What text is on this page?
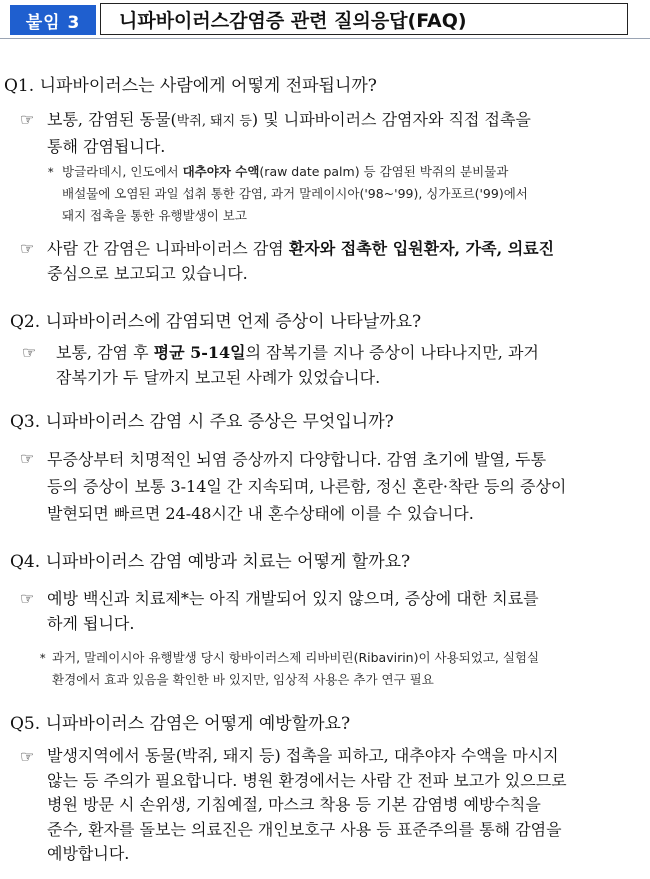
붙임 3	니파바이러스감염증 관련 질의응답(FAQ)
Q1. 니파바이러스는 사람에게 어떻게 전파됩니까?
☞ 보통, 감염된 동물(박쥐, 돼지 등) 및 니파바이러스 감염자와 직접 접촉을
통해 감염됩니다.
* 방글라데시, 인도에서 대추야자 수액(raw date palm) 등 감염된 박쥐의 분비물과
배설물에 오염된 과일 섭취 통한 감염, 과거 말레이시아('98~'99), 싱가포르('99)에서
돼지 접촉을 통한 유행발생이 보고
☞ 사람 간 감염은 니파바이러스 감염 환자와 접촉한 입원환자, 가족, 의료진
중심으로 보고되고 있습니다.
Q2. 니파바이러스에 감염되면 언제 증상이 나타날까요?
☞ 보통, 감염 후 평균 5-14일의 잠복기를 지나 증상이 나타나지만, 과거
잠복기가 두 달까지 보고된 사례가 있었습니다.
Q3. 니파바이러스 감염 시 주요 증상은 무엇입니까?
☞ 무증상부터 치명적인 뇌염 증상까지 다양합니다. 감염 초기에 발열, 두통
등의 증상이 보통 3-14일 간 지속되며, 나른함, 정신 혼란·착란 등의 증상이
발현되면 빠르면 24-48시간 내 혼수상태에 이를 수 있습니다.
Q4. 니파바이러스 감염 예방과 치료는 어떻게 할까요?
☞ 예방 백신과 치료제*는 아직 개발되어 있지 않으며, 증상에 대한 치료를
하게 됩니다.
* 과거, 말레이시아 유행발생 당시 항바이러스제 리바비린(Ribavirin)이 사용되었고, 실험실
환경에서 효과 있음을 확인한 바 있지만, 임상적 사용은 추가 연구 필요
Q5. 니파바이러스 감염은 어떻게 예방할까요?
☞ 발생지역에서 동물(박쥐, 돼지 등) 접촉을 피하고, 대추야자 수액을 마시지
않는 등 주의가 필요합니다. 병원 환경에서는 사람 간 전파 보고가 있으므로
병원 방문 시 손위생, 기침예절, 마스크 착용 등 기본 감염병 예방수칙을
준수, 환자를 돌보는 의료진은 개인보호구 사용 등 표준주의를 통해 감염을
예방합니다.
